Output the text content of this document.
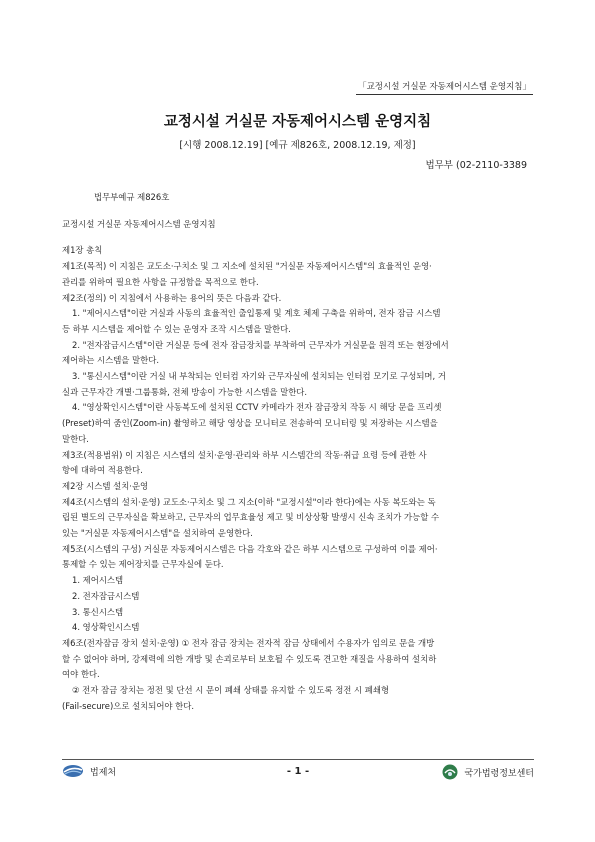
「교정시설 거실문 자동제어시스템 운영지침」
교정시설 거실문 자동제어시스템 운영지침
[시행 2008.12.19] [예규 제826호, 2008.12.19, 제정]
법무부 (02-2110-3389

법무부예규 제826호

교정시설 거실문 자동제어시스템 운영지침

제1장 총칙

제1조(목적) 이 지침은 교도소·구치소 및 그 지소에 설치된 "거실문 자동제어시스템"의 효율적인 운영·

관리를 위하여 필요한 사항을 규정함을 목적으로 한다.

제2조(정의) 이 지침에서 사용하는 용어의 뜻은 다음과 같다.

1. "제어시스템"이란 거실과 사동의 효율적인 출입통제 및 계호 체제 구축을 위하여, 전자 잠금 시스템

등 하부 시스템을 제어할 수 있는 운영자 조작 시스템을 말한다.

2. "전자잠금시스템"이란 거실문 등에 전자 잠금장치를 부착하여 근무자가 거실문을 원격 또는 현장에서

제어하는 시스템을 말한다.

3. "통신시스템"이란 거실 내 부착되는 인터컴 자기와 근무자실에 설치되는 인터컴 모기로 구성되며, 거

실과 근무자간 개별·그룹통화, 전체 방송이 가능한 시스템을 말한다.

4. "영상확인시스템"이란 사동복도에 설치된 CCTV 카메라가 전자 잠금장치 작동 시 해당 문을 프리셋

(Preset)하여 줌인(Zoom-in) 촬영하고 해당 영상을 모니터로 전송하여 모니터링 및 저장하는 시스템을

말한다.

제3조(적용범위) 이 지침은 시스템의 설치·운영·관리와 하부 시스템간의 작동·취급 요령 등에 관한 사

항에 대하여 적용한다.

제2장 시스템 설치·운영

제4조(시스템의 설치·운영) 교도소·구치소 및 그 지소(이하 "교정시설"이라 한다)에는 사동 복도와는 독

립된 별도의 근무자실을 확보하고, 근무자의 업무효율성 제고 및 비상상황 발생시 신속 조치가 가능할 수

있는 "거실문 자동제어시스템"을 설치하여 운영한다.

제5조(시스템의 구성) 거실문 자동제어시스템은 다음 각호와 같은 하부 시스템으로 구성하여 이를 제어·

통제할 수 있는 제어장치를 근무자실에 둔다.

1. 제어시스템

2. 전자잠금시스템

3. 통신시스템

4. 영상확인시스템

제6조(전자잠금 장치 설치·운영) ① 전자 잠금 장치는 전자적 잠금 상태에서 수용자가 임의로 문을 개방

할 수 없어야 하며, 강제력에 의한 개방 및 손괴로부터 보호될 수 있도록 견고한 재질을 사용하여 설치하

여야 한다.

② 전자 잠금 장치는 정전 및 단선 시 문이 폐쇄 상태를 유지할 수 있도록 정전 시 폐쇄형

(Fail-secure)으로 설치되어야 한다.

법제처	- 1 -	국가법령정보센터
